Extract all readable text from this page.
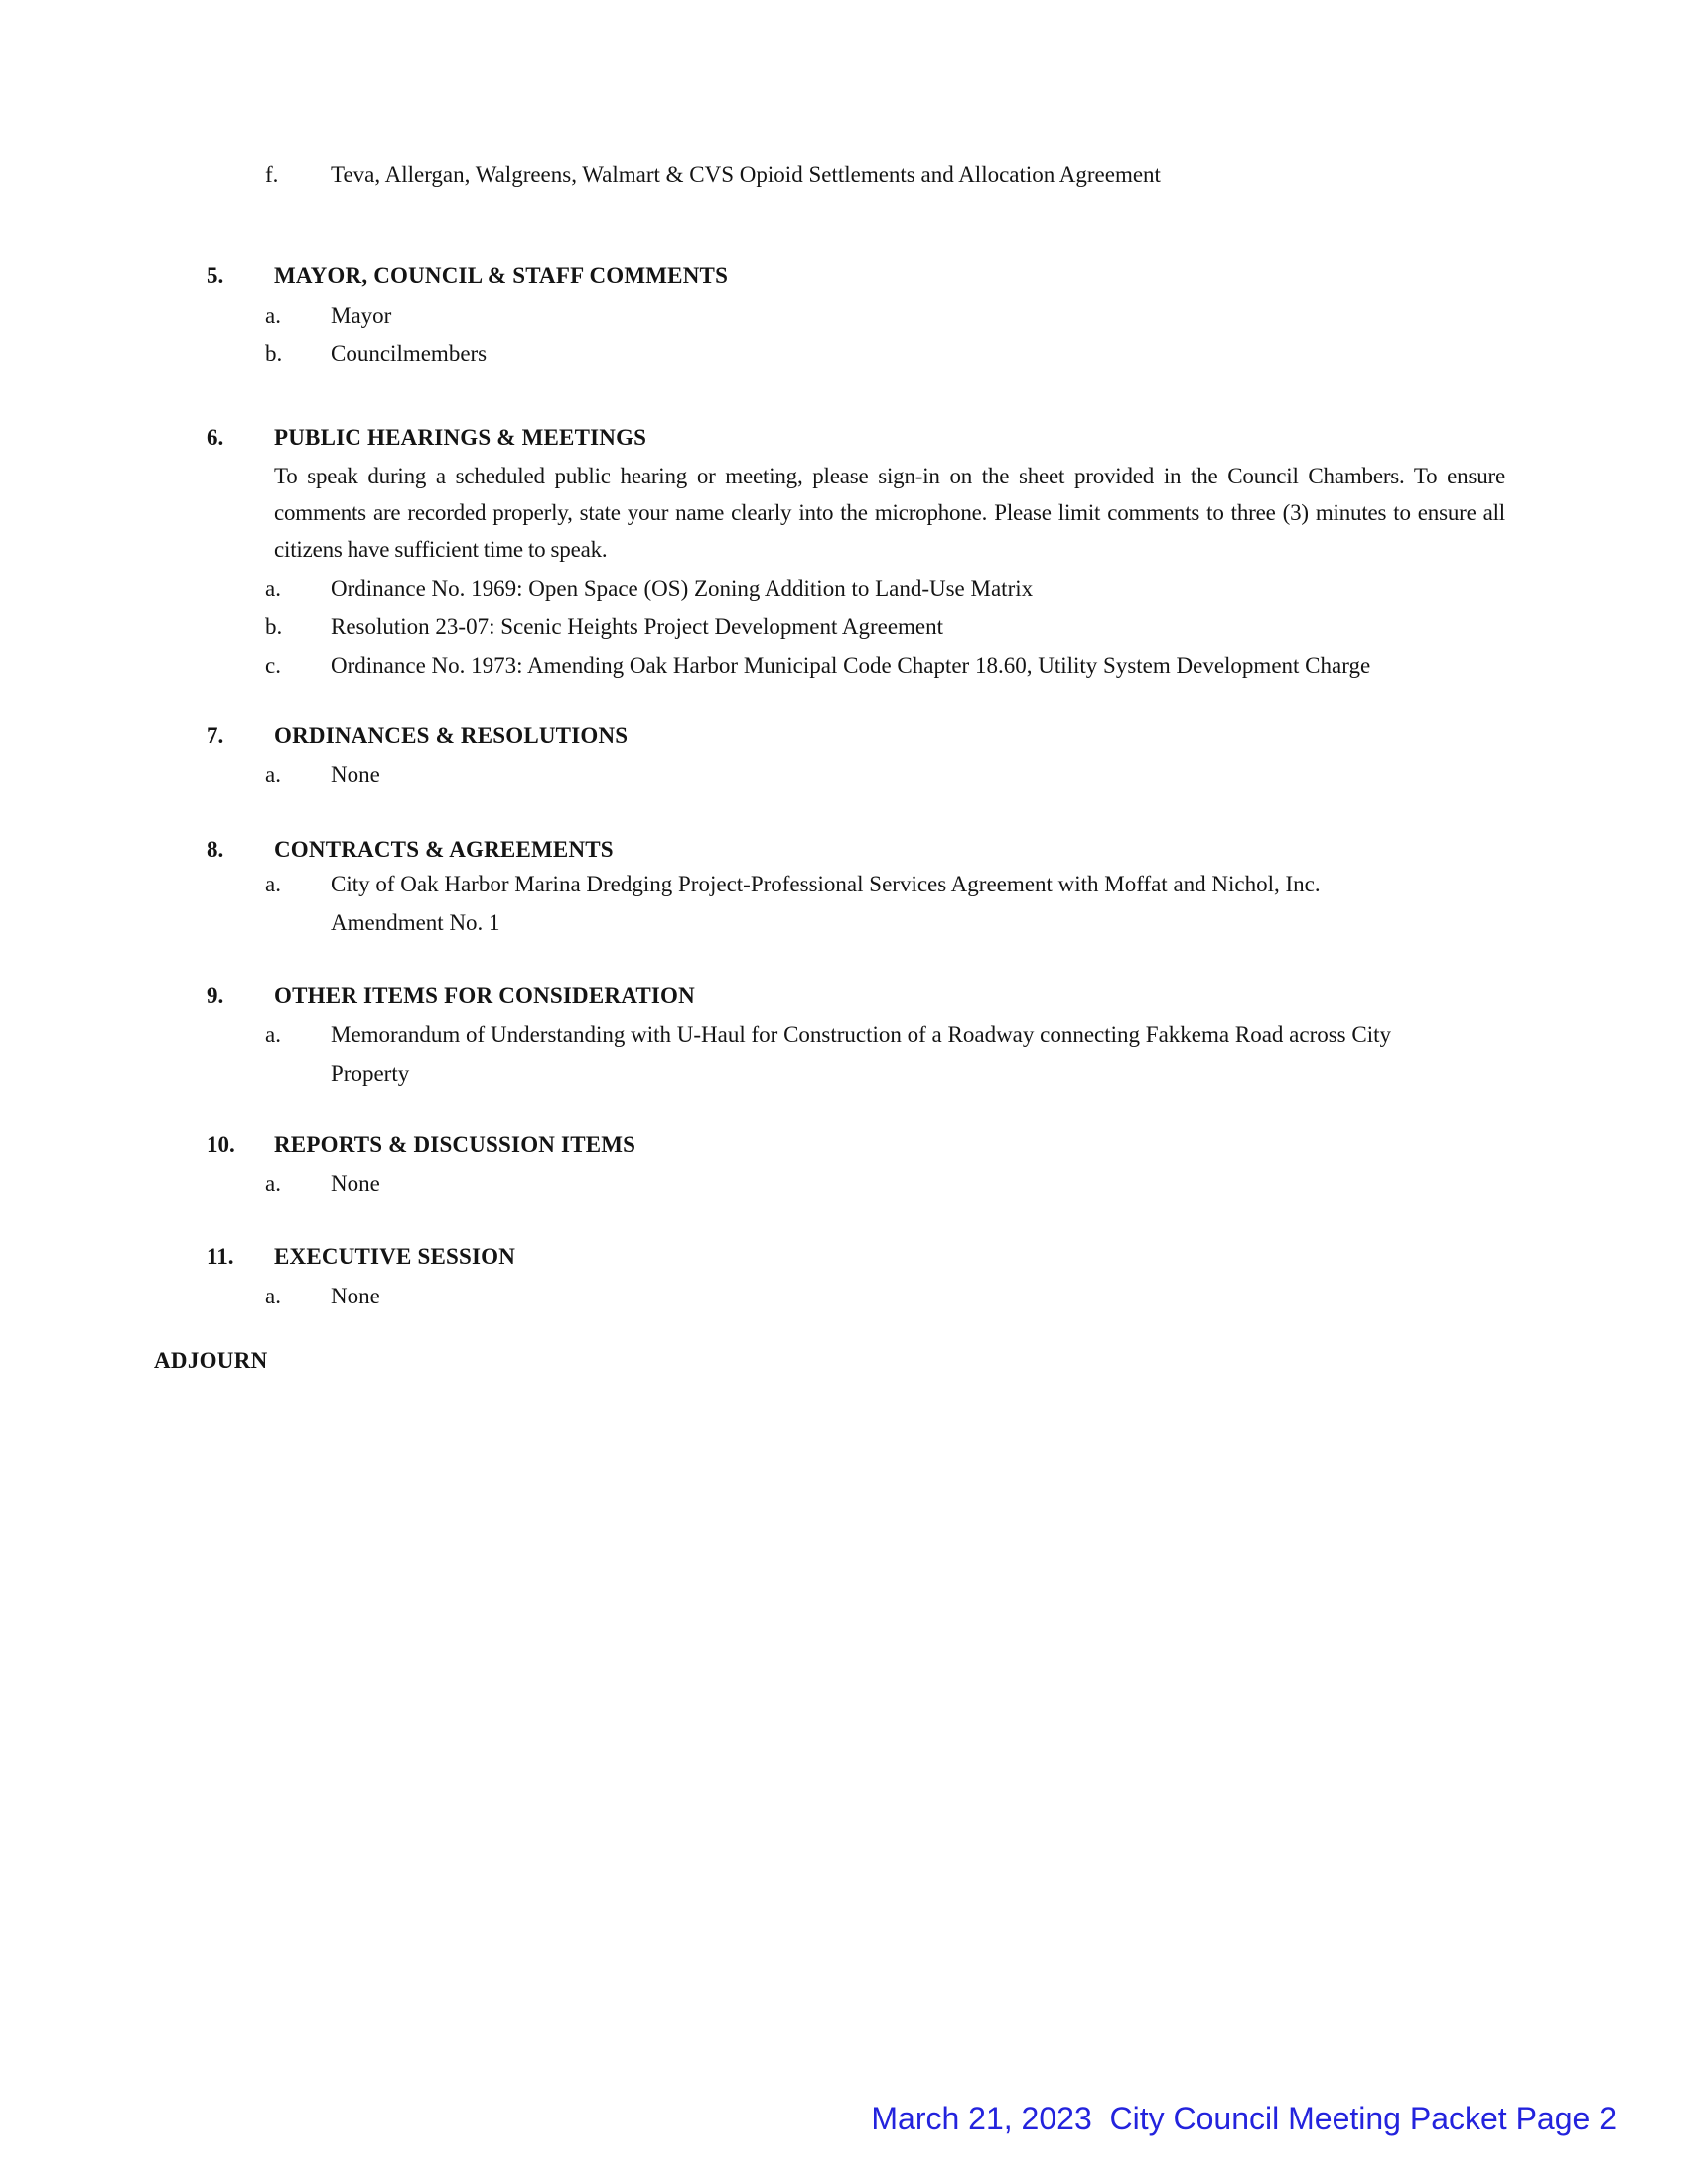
f. Teva, Allergan, Walgreens, Walmart & CVS Opioid Settlements and Allocation Agreement
5. MAYOR, COUNCIL & STAFF COMMENTS
a. Mayor
b. Councilmembers
6. PUBLIC HEARINGS & MEETINGS
To speak during a scheduled public hearing or meeting, please sign-in on the sheet provided in the Council Chambers. To ensure comments are recorded properly, state your name clearly into the microphone. Please limit comments to three (3) minutes to ensure all citizens have sufficient time to speak.
a. Ordinance No. 1969: Open Space (OS) Zoning Addition to Land-Use Matrix
b. Resolution 23-07: Scenic Heights Project Development Agreement
c. Ordinance No. 1973: Amending Oak Harbor Municipal Code Chapter 18.60, Utility System Development Charge
7. ORDINANCES & RESOLUTIONS
a. None
8. CONTRACTS & AGREEMENTS
a. City of Oak Harbor Marina Dredging Project-Professional Services Agreement with Moffat and Nichol, Inc.
Amendment No. 1
9. OTHER ITEMS FOR CONSIDERATION
a. Memorandum of Understanding with U-Haul for Construction of a Roadway connecting Fakkema Road across City
Property
10. REPORTS & DISCUSSION ITEMS
a. None
11. EXECUTIVE SESSION
a. None
ADJOURN
March 21, 2023  City Council Meeting Packet Page 2
